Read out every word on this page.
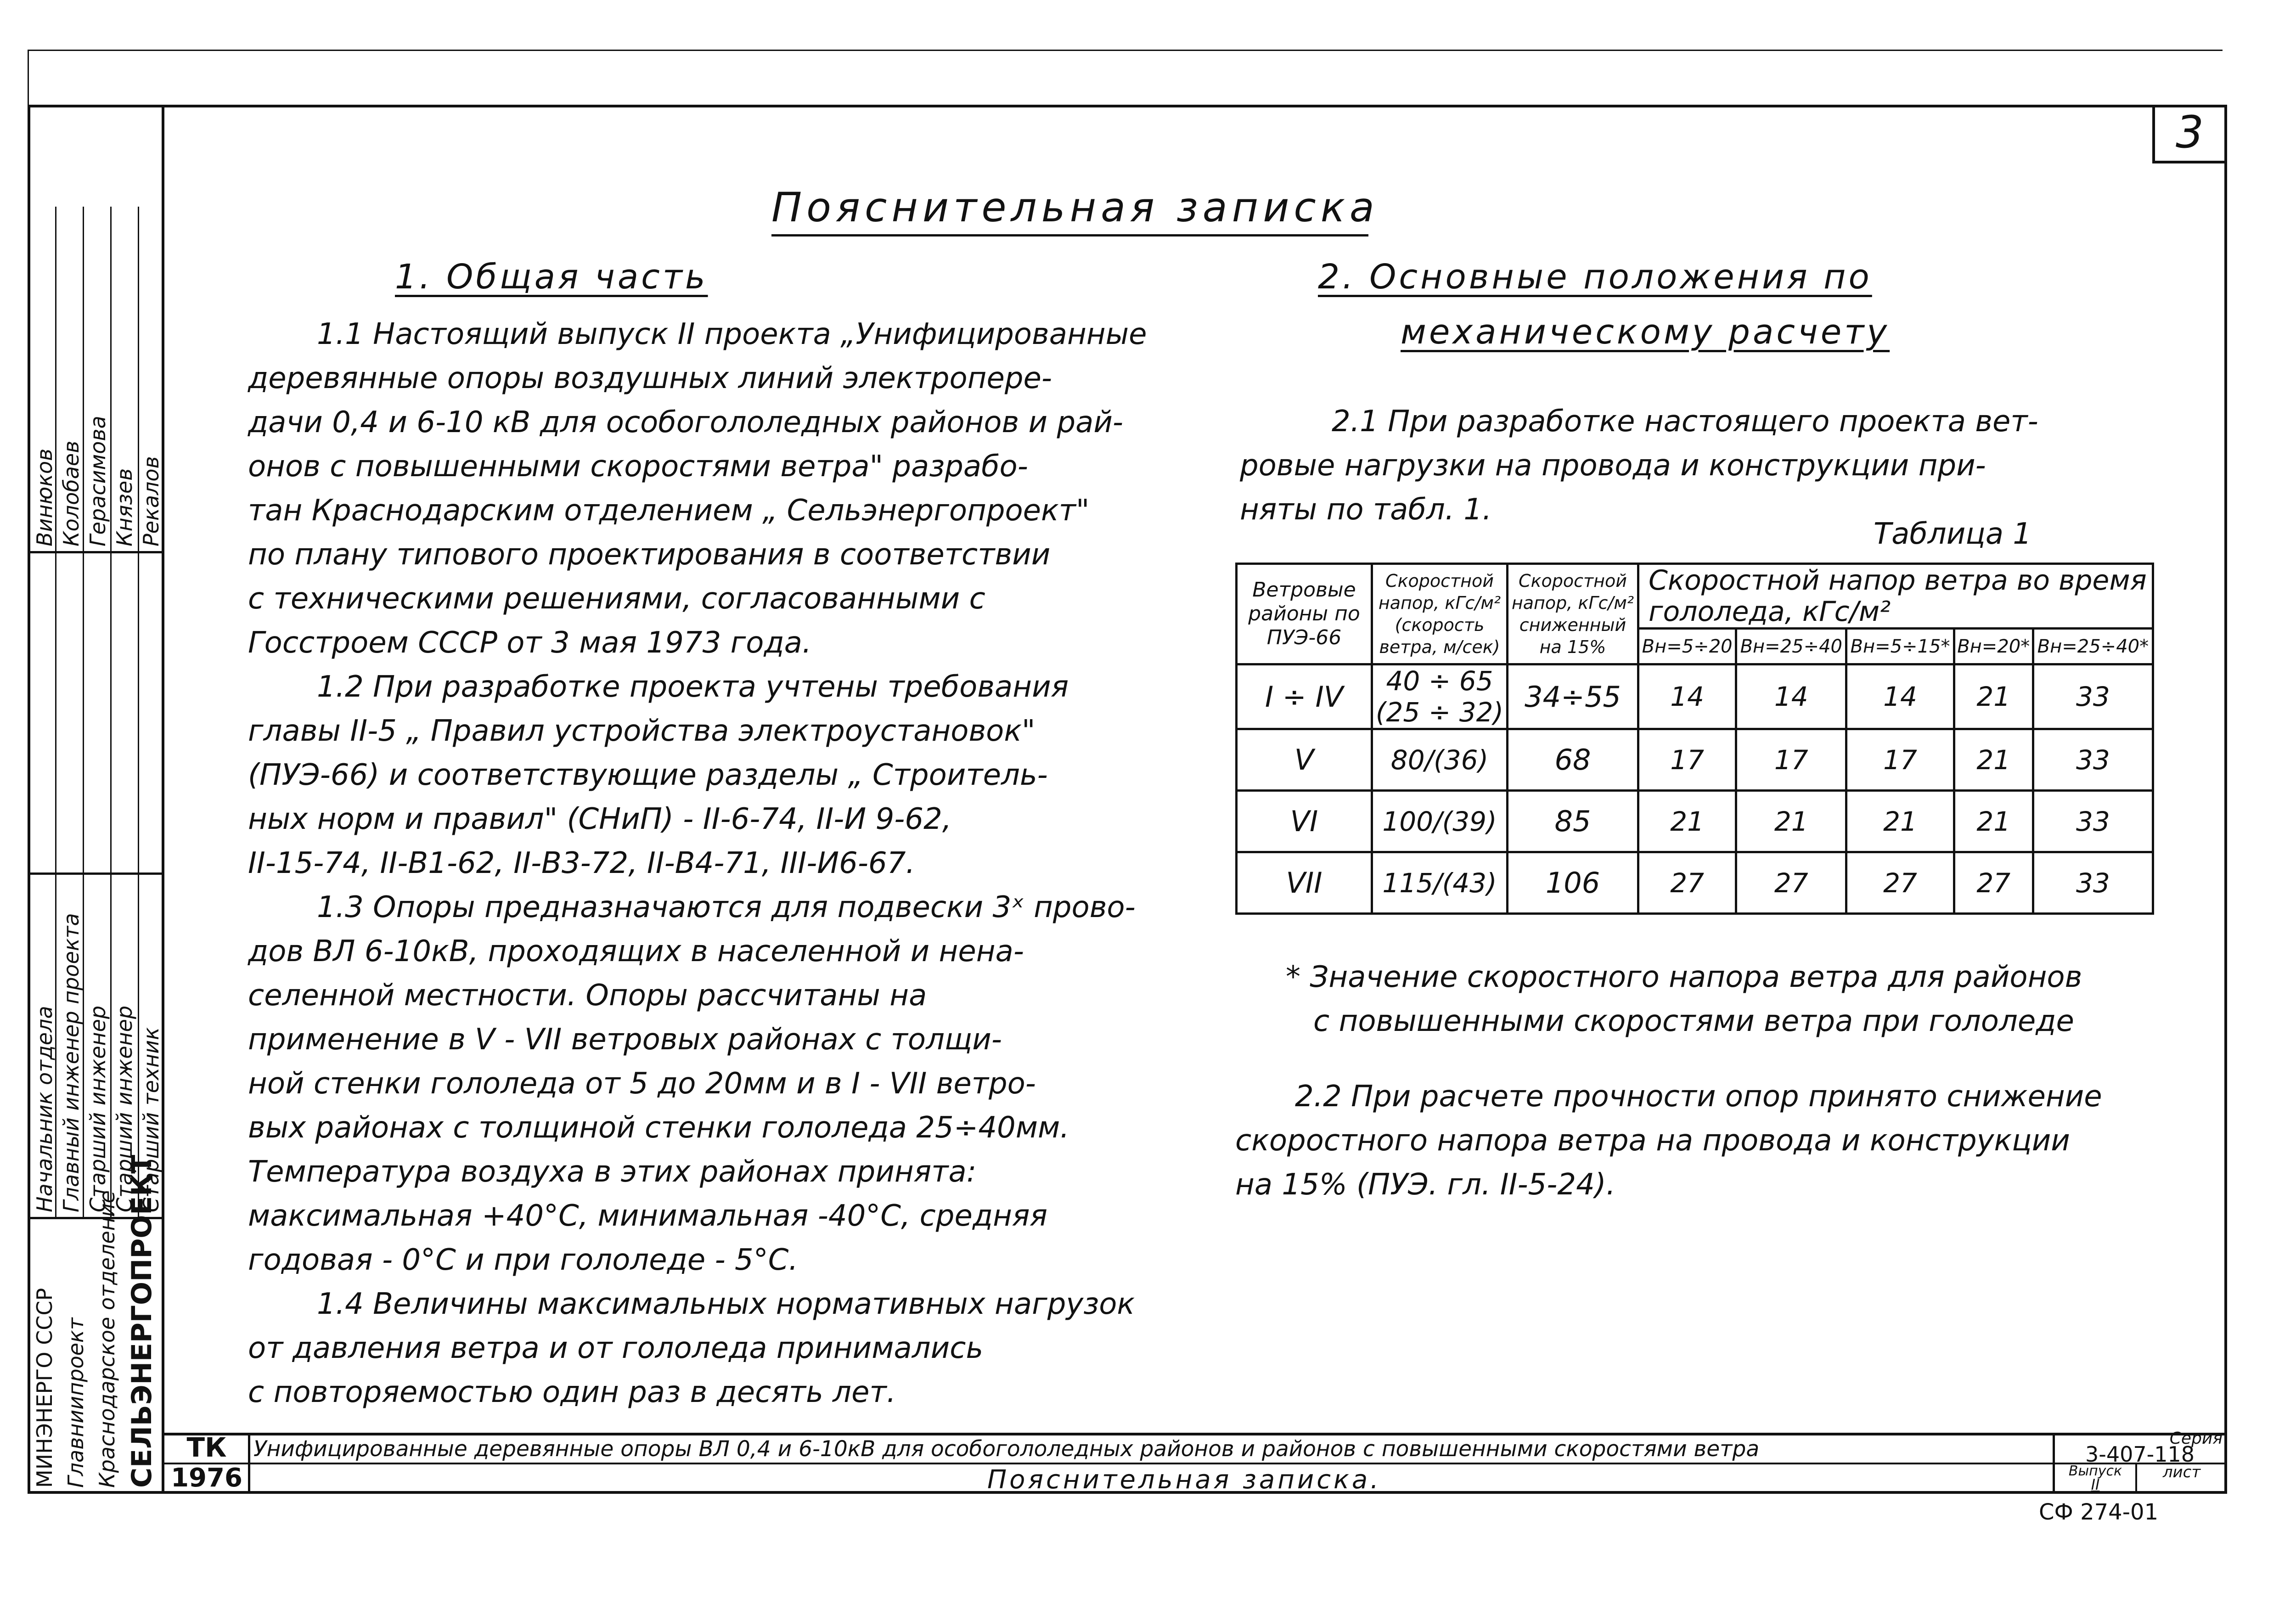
3
Пояснительная записка
1. Общая часть
1.1 Настоящий выпуск II проекта „Унифицированные
деревянные опоры воздушных линий электропере-
дачи 0,4 и 6-10 кВ для особогололедных районов и рай-
онов с повышенными скоростями ветра" разрабо-
тан Краснодарским отделением „ Сельэнергопроект"
по плану типового проектирования в соответствии
с техническими решениями, согласованными с
Госстроем СССР от 3 мая 1973 года.
1.2 При разработке проекта учтены требования
главы II-5 „ Правил устройства электроустановок"
(ПУЭ-66) и соответствующие разделы „ Строитель-
ных норм и правил" (СНиП) - II-6-74, II-И 9-62,
II-15-74, II-В1-62, II-В3-72, II-В4-71, III-И6-67.
1.3 Опоры предназначаются для подвески 3ˣ прово-
дов ВЛ 6-10кВ, проходящих в населенной и нена-
селенной местности. Опоры рассчитаны на
применение в V - VII ветровых районах с толщи-
ной стенки гололеда от 5 до 20мм и в I - VII ветро-
вых районах с толщиной стенки гололеда 25÷40мм.
Температура воздуха в этих районах принята:
максимальная +40°С, минимальная -40°С, средняя
годовая - 0°С и при гололеде - 5°С.
1.4 Величины максимальных нормативных нагрузок
от давления ветра и от гололеда принимались
с повторяемостью один раз в десять лет.
2. Основные положения по
механическому расчету
2.1 При разработке настоящего проекта вет-
ровые нагрузки на провода и конструкции при-
няты по табл. 1.
Таблица 1
Ветровые районы по ПУЭ-66	Скоростной напор, кГс/м² (скорость ветра, м/сек)	Скоростной напор, кГс/м² сниженный на 15%	Скоростной напор ветра во время гололеда, кГс/м²				
			Bн=5÷20	Bн=25÷40	Bн=5÷15*	Bн=20*	Bн=25÷40*
I ÷ IV	40 ÷ 65
(25 ÷ 32)	34÷55	14	14	14	21	33
V	80/(36)	68	17	17	17	21	33
VI	100/(39)	85	21	21	21	21	33
VII	115/(43)	106	27	27	27	27	33
* Значение скоростного напора ветра для районов
с повышенными скоростями ветра при гололеде
2.2 При расчете прочности опор принято снижение
скоростного напора ветра на провода и конструкции
на 15% (ПУЭ. гл. II-5-24).
Начальник отдела Главный инженер проекта Старший инженер Старший инженер Старший техник
Винюков Колобаев Герасимова Князев Рекалов
МИНЭНЕРГО СССР Главниипроект Краснодарское отделение СЕЛЬЭНЕРГОПРОЕКТ	ТК
1976
Унифицированные деревянные опоры ВЛ 0,4 и 6-10кВ для особогололедных районов и районов с повышенными скоростями ветра
Пояснительная записка.
Серия
3-407-118
Выпуск
II
лист
СФ 274-01
